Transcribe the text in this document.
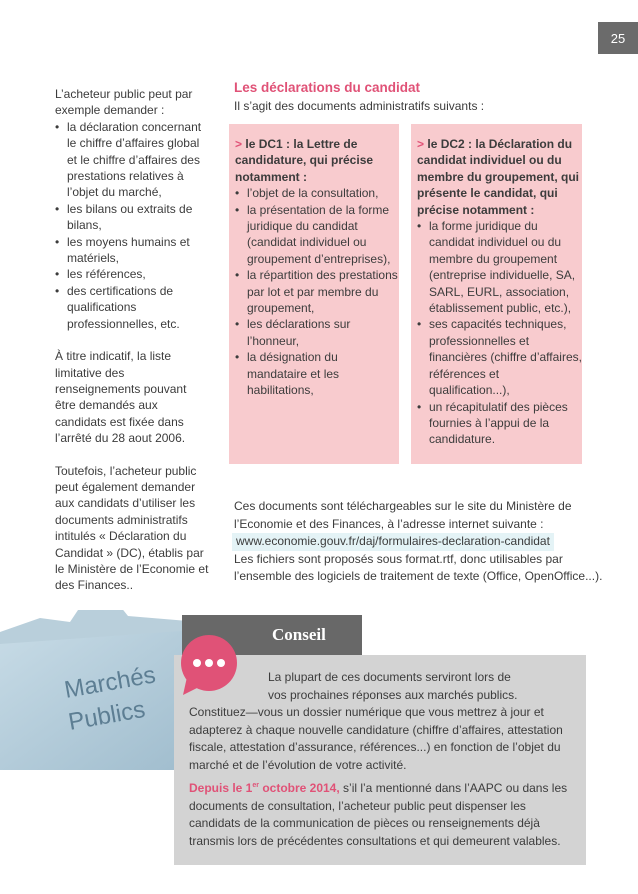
25

L’acheteur public peut par exemple demander :

• la déclaration concernant le chiffre d’affaires global et le chiffre d’affaires des prestations relatives à l’objet du marché,
• les bilans ou extraits de bilans,
• les moyens humains et matériels,
• les références,
• des certifications de qualifications professionnelles, etc.

À titre indicatif, la liste limitative des renseignements pouvant être demandés aux candidats est fixée dans l’arrêté du 28 aout 2006.

Toutefois, l’acheteur public peut également demander aux candidats d’utiliser les documents administratifs intitulés « Déclaration du Candidat » (DC), établis par le Ministère de l’Economie et des Finances..

Les déclarations du candidat
Il s’agit des documents administratifs suivants :
> le DC1 : la Lettre de candidature, qui précise notamment :
• l’objet de la consultation,
• la présentation de la forme juridique du candidat (candidat individuel ou groupement d’entreprises),
• la répartition des prestations par lot et par membre du groupement,
• les déclarations sur l’honneur,
• la désignation du mandataire et les habilitations,
> le DC2 : la Déclaration du candidat individuel ou du membre du groupement, qui présente le candidat, qui précise notamment :
• la forme juridique du candidat individuel ou du membre du groupement (entreprise individuelle, SA, SARL, EURL, association, établissement public, etc.),
• ses capacités techniques, professionnelles et financières (chiffre d’affaires, références et qualification...),
• un récapitulatif des pièces fournies à l’appui de la candidature.

Ces documents sont téléchargeables sur le site du Ministère de l’Economie et des Finances, à l’adresse internet suivante :

www.economie.gouv.fr/daj/formulaires-declaration-candidat

Les fichiers sont proposés sous format.rtf, donc utilisables par l’ensemble des logiciels de traitement de texte (Office, OpenOffice...).

Marchés
Publics
Conseil
La plupart de ces documents serviront lors de
vos prochaines réponses aux marchés publics.
Constituez—vous un dossier numérique que vous mettrez à jour et adapterez à chaque nouvelle candidature (chiffre d’affaires, attestation fiscale, attestation d’assurance, références...) en fonction de l’objet du marché et de l’évolution de votre activité.
Depuis le 1er octobre 2014, s’il l’a mentionné dans l’AAPC ou dans les documents de consultation, l’acheteur public peut dispenser les candidats de la communication de pièces ou renseignements déjà transmis lors de précédentes consultations et qui demeurent valables.
